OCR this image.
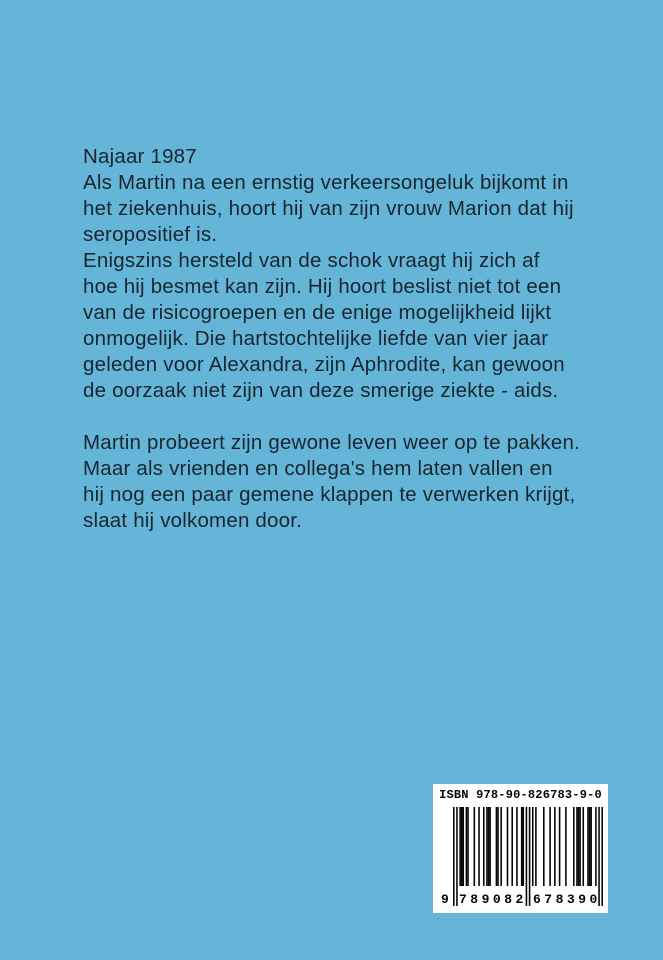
Najaar 1987
Als Martin na een ernstig verkeersongeluk bijkomt in
het ziekenhuis, hoort hij van zijn vrouw Marion dat hij
seropositief is.
Enigszins hersteld van de schok vraagt hij zich af
hoe hij besmet kan zijn. Hij hoort beslist niet tot een
van de risicogroepen en de enige mogelijkheid lijkt
onmogelijk. Die hartstochtelijke liefde van vier jaar
geleden voor Alexandra, zijn Aphrodite, kan gewoon
de oorzaak niet zijn van deze smerige ziekte - aids.
Martin probeert zijn gewone leven weer op te pakken.
Maar als vrienden en collega's hem laten vallen en
hij nog een paar gemene klappen te verwerken krijgt,
slaat hij volkomen door.
ISBN 978-90-826783-9-0
9 789082 678390
